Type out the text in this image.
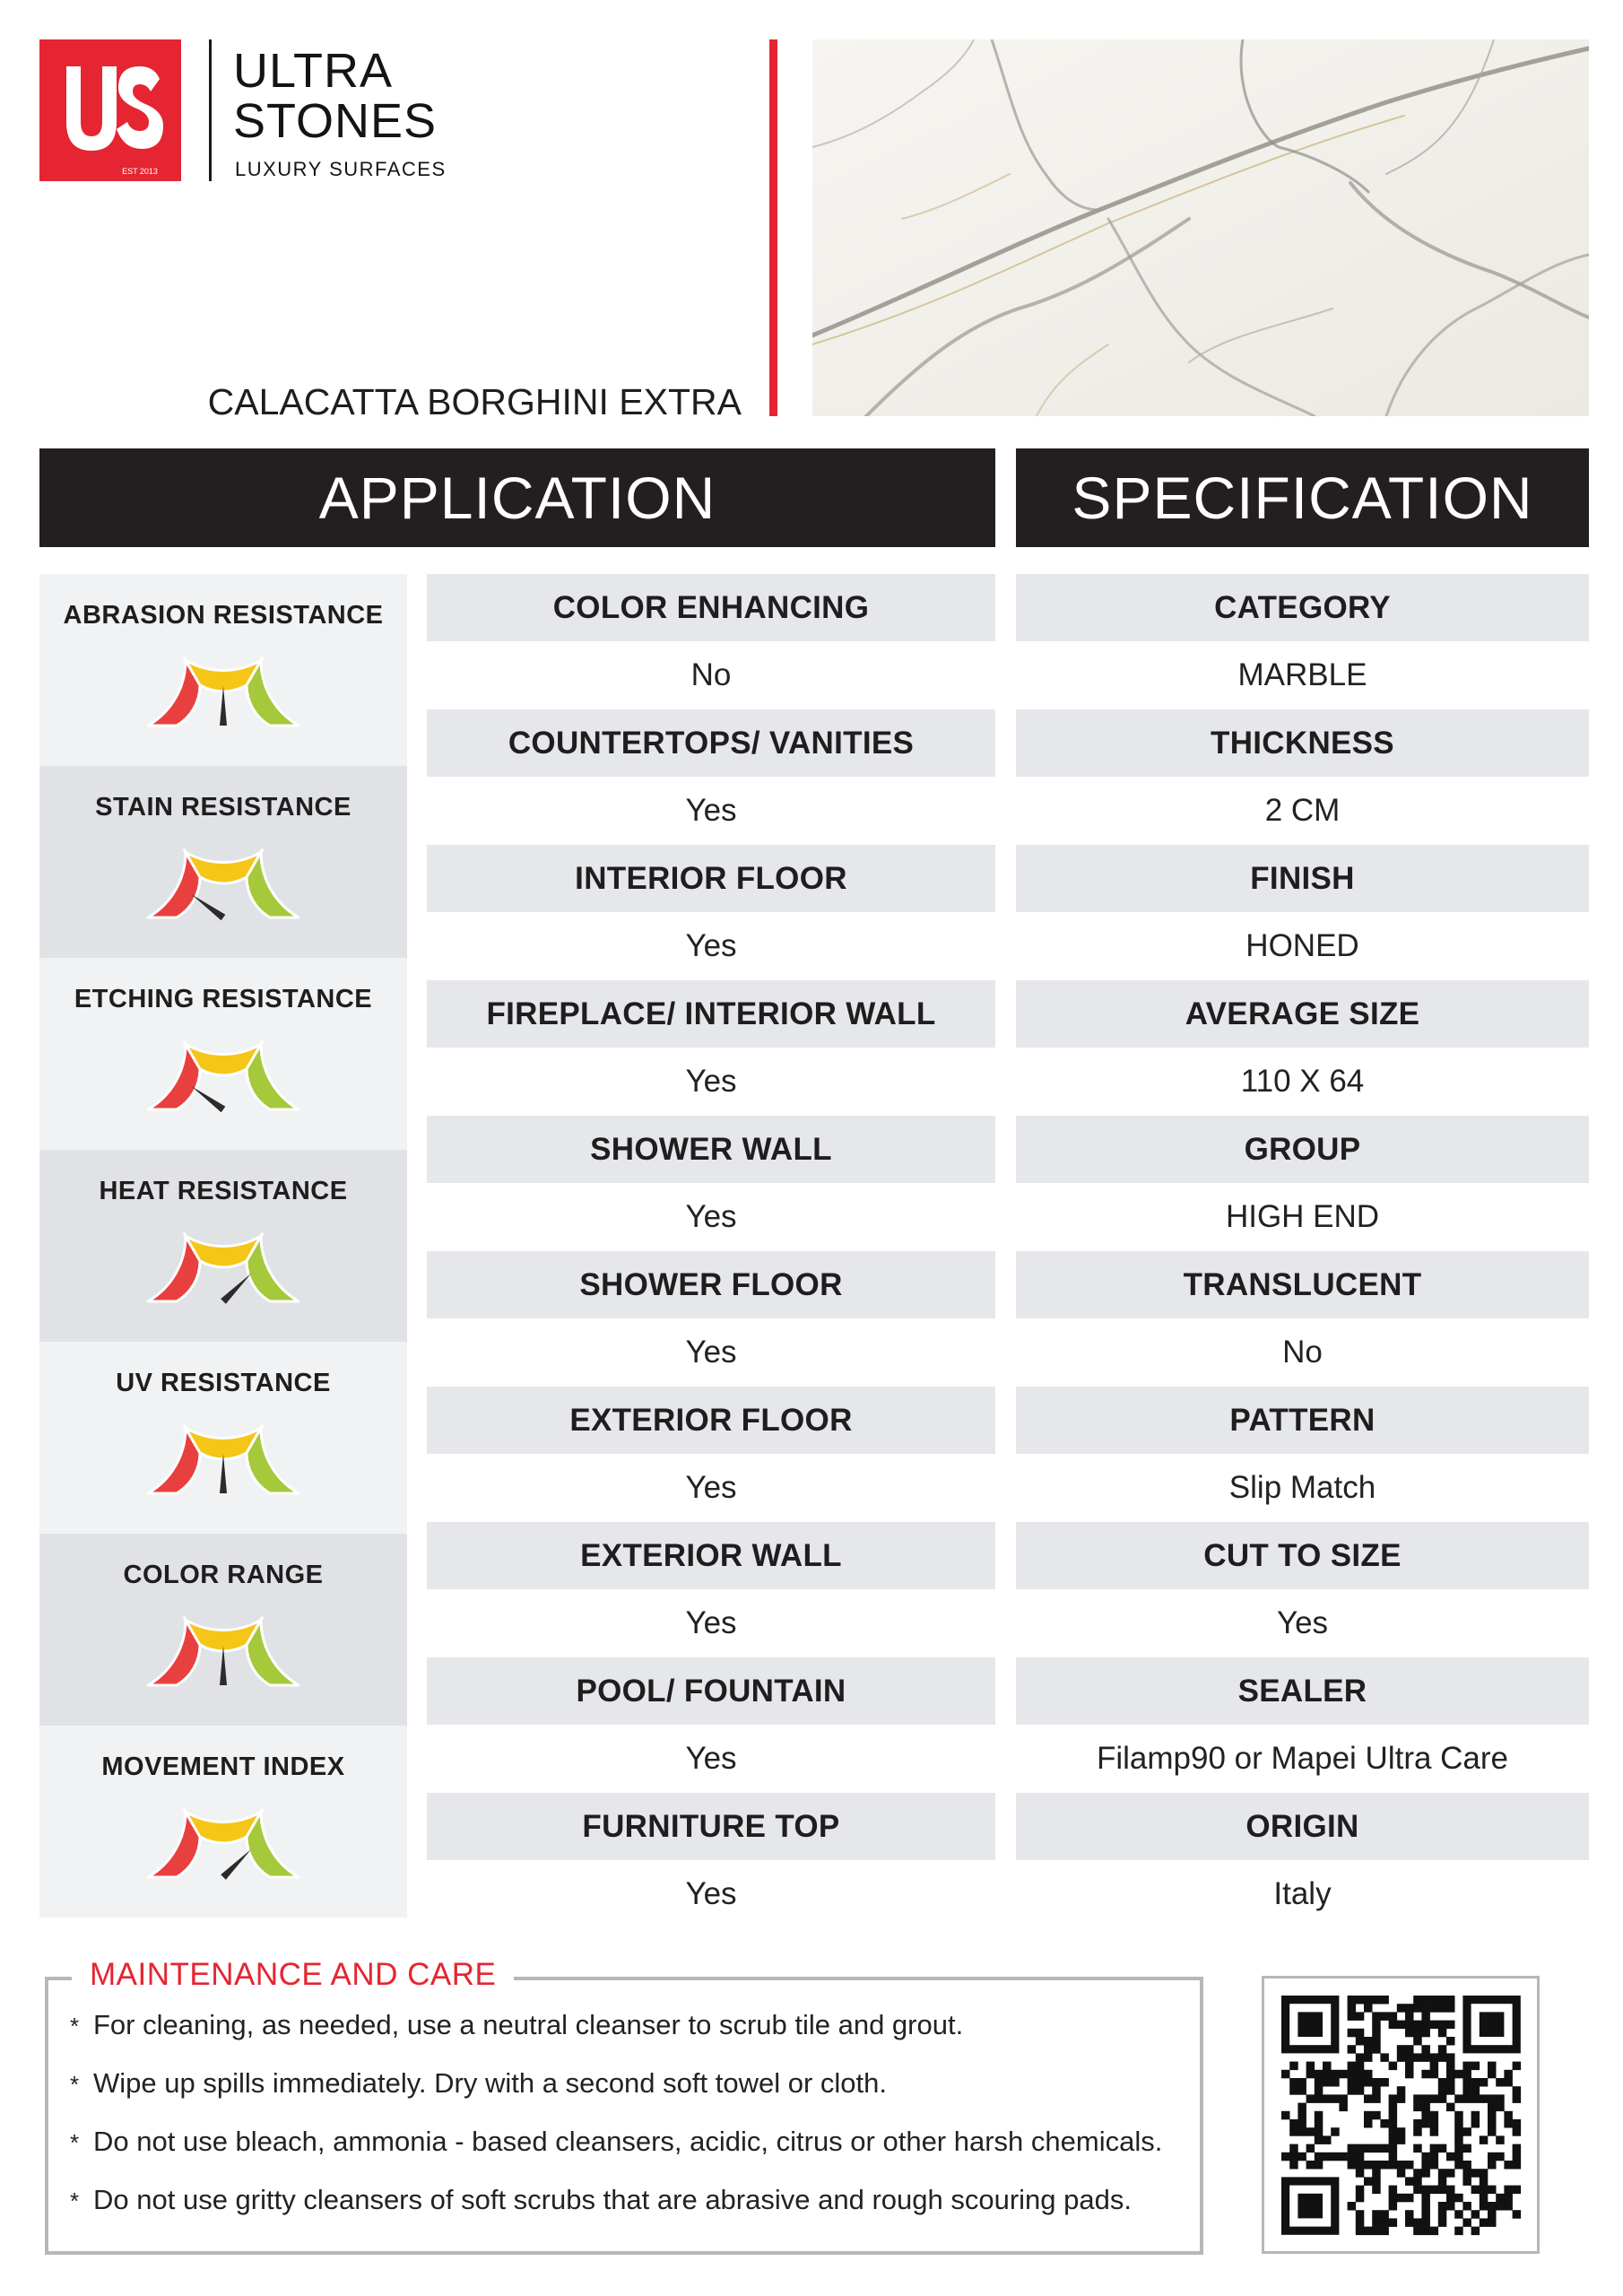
EST 2013
ULTRA
STONES
LUXURY SURFACES
CALACATTA BORGHINI EXTRA
APPLICATION	SPECIFICATION
ABRASION RESISTANCE
STAIN RESISTANCE
ETCHING RESISTANCE
HEAT RESISTANCE
UV RESISTANCE
COLOR RANGE
MOVEMENT INDEX
COLOR ENHANCING
No
COUNTERTOPS/ VANITIES
Yes
INTERIOR FLOOR
Yes
FIREPLACE/ INTERIOR WALL
Yes
SHOWER WALL
Yes
SHOWER FLOOR
Yes
EXTERIOR FLOOR
Yes
EXTERIOR WALL
Yes
POOL/ FOUNTAIN
Yes
FURNITURE TOP
Yes
CATEGORY
MARBLE
THICKNESS
2 CM
FINISH
HONED
AVERAGE SIZE
110 X 64
GROUP
HIGH END
TRANSLUCENT
No
PATTERN
Slip Match
CUT TO SIZE
Yes
SEALER
Filamp90 or Mapei Ultra Care
ORIGIN
Italy
MAINTENANCE AND CARE
* For cleaning, as needed, use a neutral cleanser to scrub tile and grout.
* Wipe up spills immediately. Dry with a second soft towel or cloth.
* Do not use bleach, ammonia - based cleansers, acidic, citrus or other harsh chemicals.
* Do not use gritty cleansers of soft scrubs that are abrasive and rough scouring pads.
